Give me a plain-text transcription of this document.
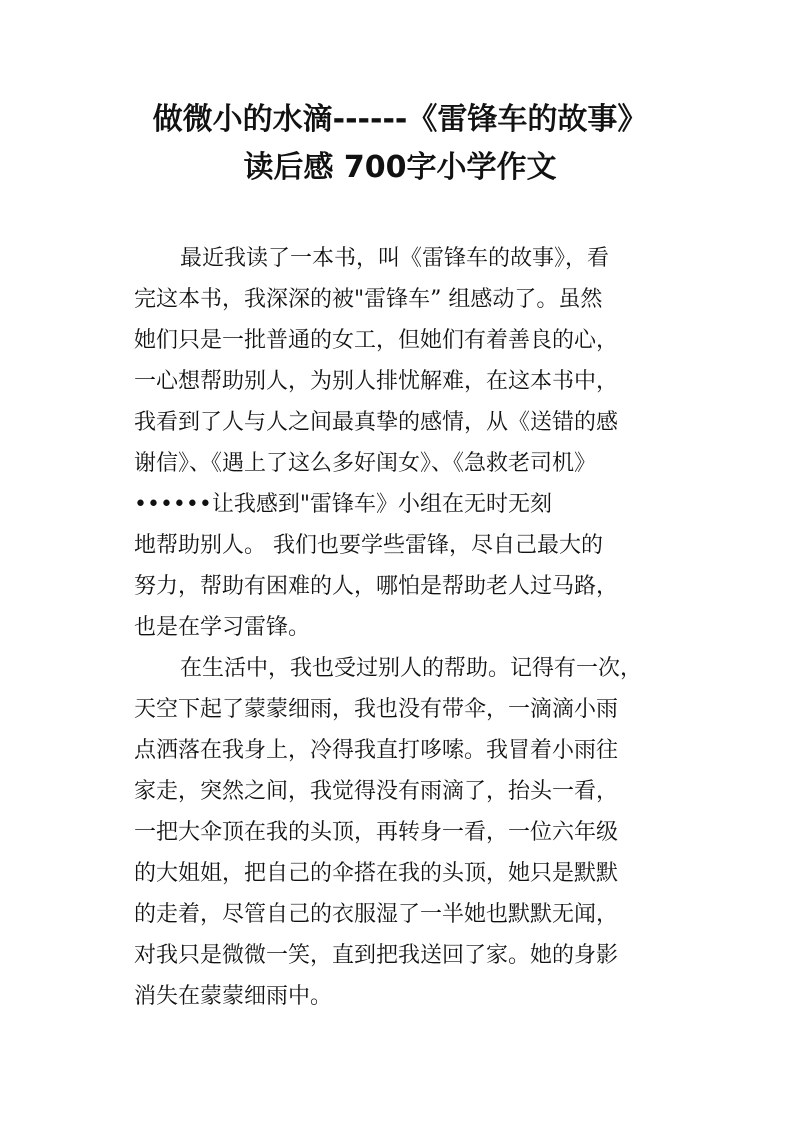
做微小的水滴------《雷锋车的故事》
读后感 700字小学作文
最近我读了一本书，叫《雷锋车的故事》，看
完这本书，我深深的被"雷锋车” 组感动了。虽然
她们只是一批普通的女工，但她们有着善良的心，
一心想帮助别人，为别人排忧解难，在这本书中，
我看到了人与人之间最真挚的感情，从《送错的感
谢信》、《遇上了这么多好闺女》、《急救老司机》
••••••让我感到"雷锋车》小组在无时无刻
地帮助别人。 我们也要学些雷锋，尽自己最大的
努力，帮助有困难的人，哪怕是帮助老人过马路，
也是在学习雷锋。
在生活中，我也受过别人的帮助。记得有一次，
天空下起了蒙蒙细雨，我也没有带伞，一滴滴小雨
点洒落在我身上，冷得我直打哆嗦。我冒着小雨往
家走，突然之间，我觉得没有雨滴了，抬头一看，
一把大伞顶在我的头顶，再转身一看，一位六年级
的大姐姐，把自己的伞搭在我的头顶，她只是默默
的走着，尽管自己的衣服湿了一半她也默默无闻，
对我只是微微一笑，直到把我送回了家。她的身影
消失在蒙蒙细雨中。
